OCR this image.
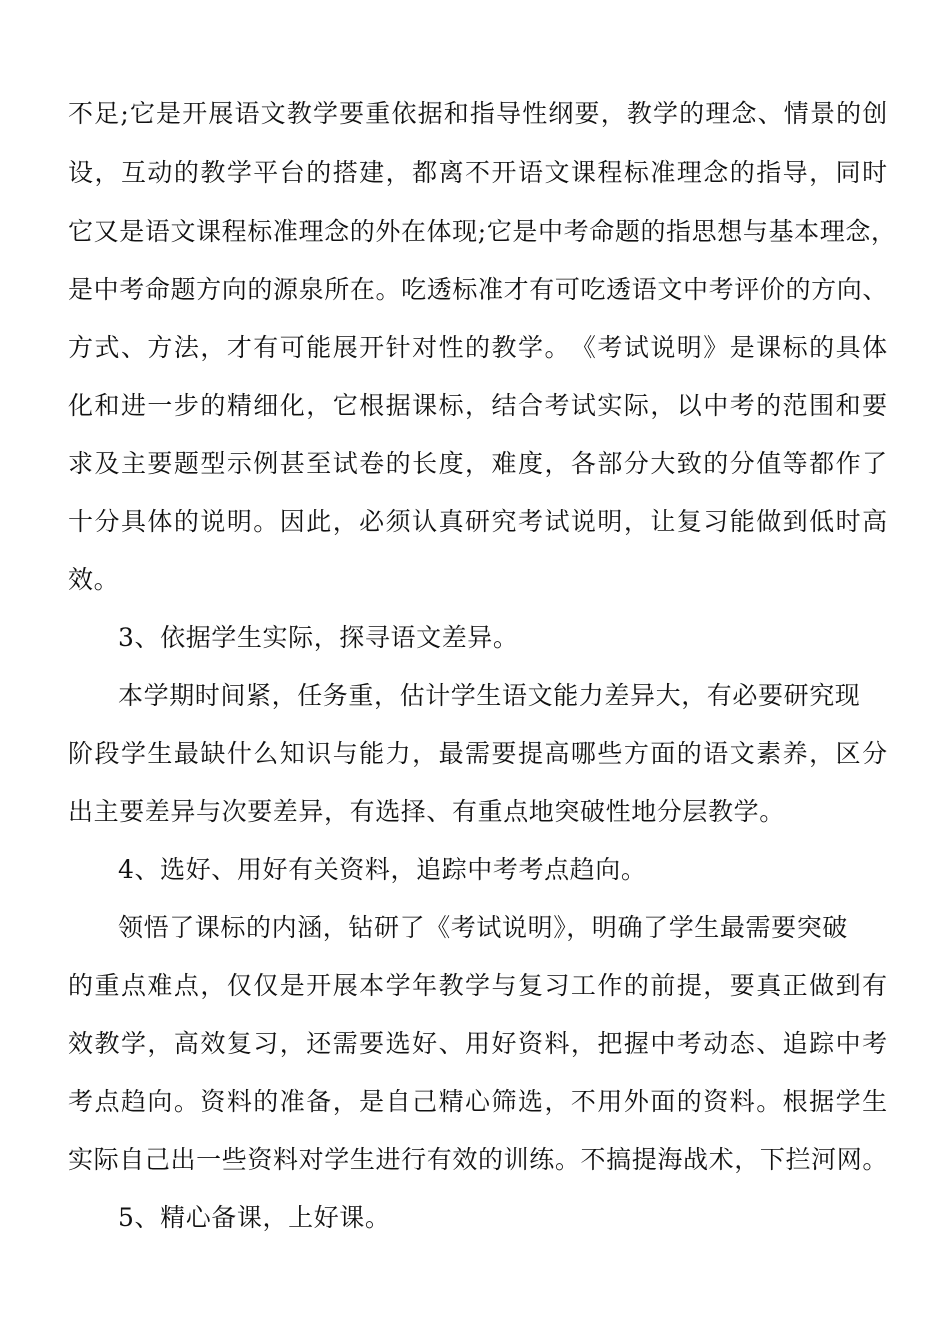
不 足 ; 它 是 开 展 语 文 教 学 要 重 依 据 和 指 导 性 纲 要 ， 教 学 的 理 念 、 情 景 的 创
设 ， 互 动 的 教 学 平 台 的 搭 建 ， 都 离 不 开 语 文 课 程 标 准 理 念 的 指 导 ， 同 时
它 又 是 语 文 课 程 标 准 理 念 的 外 在 体 现 ; 它 是 中 考 命 题 的 指 思 想 与 基 本 理 念 ，
是 中 考 命 题 方 向 的 源 泉 所 在 。 吃 透 标 准 才 有 可 吃 透 语 文 中 考 评 价 的 方 向 、
方 式 、 方 法 ， 才 有 可 能 展 开 针 对 性 的 教 学 。 《 考 试 说 明 》 是 课 标 的 具 体
化 和 进 一 步 的 精 细 化 ， 它 根 据 课 标 ， 结 合 考 试 实 际 ， 以 中 考 的 范 围 和 要
求 及 主 要 题 型 示 例 甚 至 试 卷 的 长 度 ， 难 度 ， 各 部 分 大 致 的 分 值 等 都 作 了
十 分 具 体 的 说 明 。 因 此 ， 必 须 认 真 研 究 考 试 说 明 ， 让 复 习 能 做 到 低 时 高
效。
3、依据学生实际，探寻语文差异。
本学期时间紧，任务重，估计学生语文能力差异大，有必要研究现
阶 段 学 生 最 缺 什 么 知 识 与 能 力 ， 最 需 要 提 高 哪 些 方 面 的 语 文 素 养 ， 区 分
出主要差异与次要差异，有选择、有重点地突破性地分层教学。
4、选好、用好有关资料，追踪中考考点趋向。
领悟了课标的内涵，钻研了《考试说明》，明确了学生最需要突破
的 重 点 难 点 ， 仅 仅 是 开 展 本 学 年 教 学 与 复 习 工 作 的 前 提 ， 要 真 正 做 到 有
效 教 学 ， 高 效 复 习 ， 还 需 要 选 好 、 用 好 资 料 ， 把 握 中 考 动 态 、 追 踪 中 考
考 点 趋 向 。 资 料 的 准 备 ， 是 自 己 精 心 筛 选 ， 不 用 外 面 的 资 料 。 根 据 学 生
实 际 自 己 出 一 些 资 料 对 学 生 进 行 有 效 的 训 练 。 不 搞 提 海 战 术 ， 下 拦 河 网 。
5、精心备课，上好课。
